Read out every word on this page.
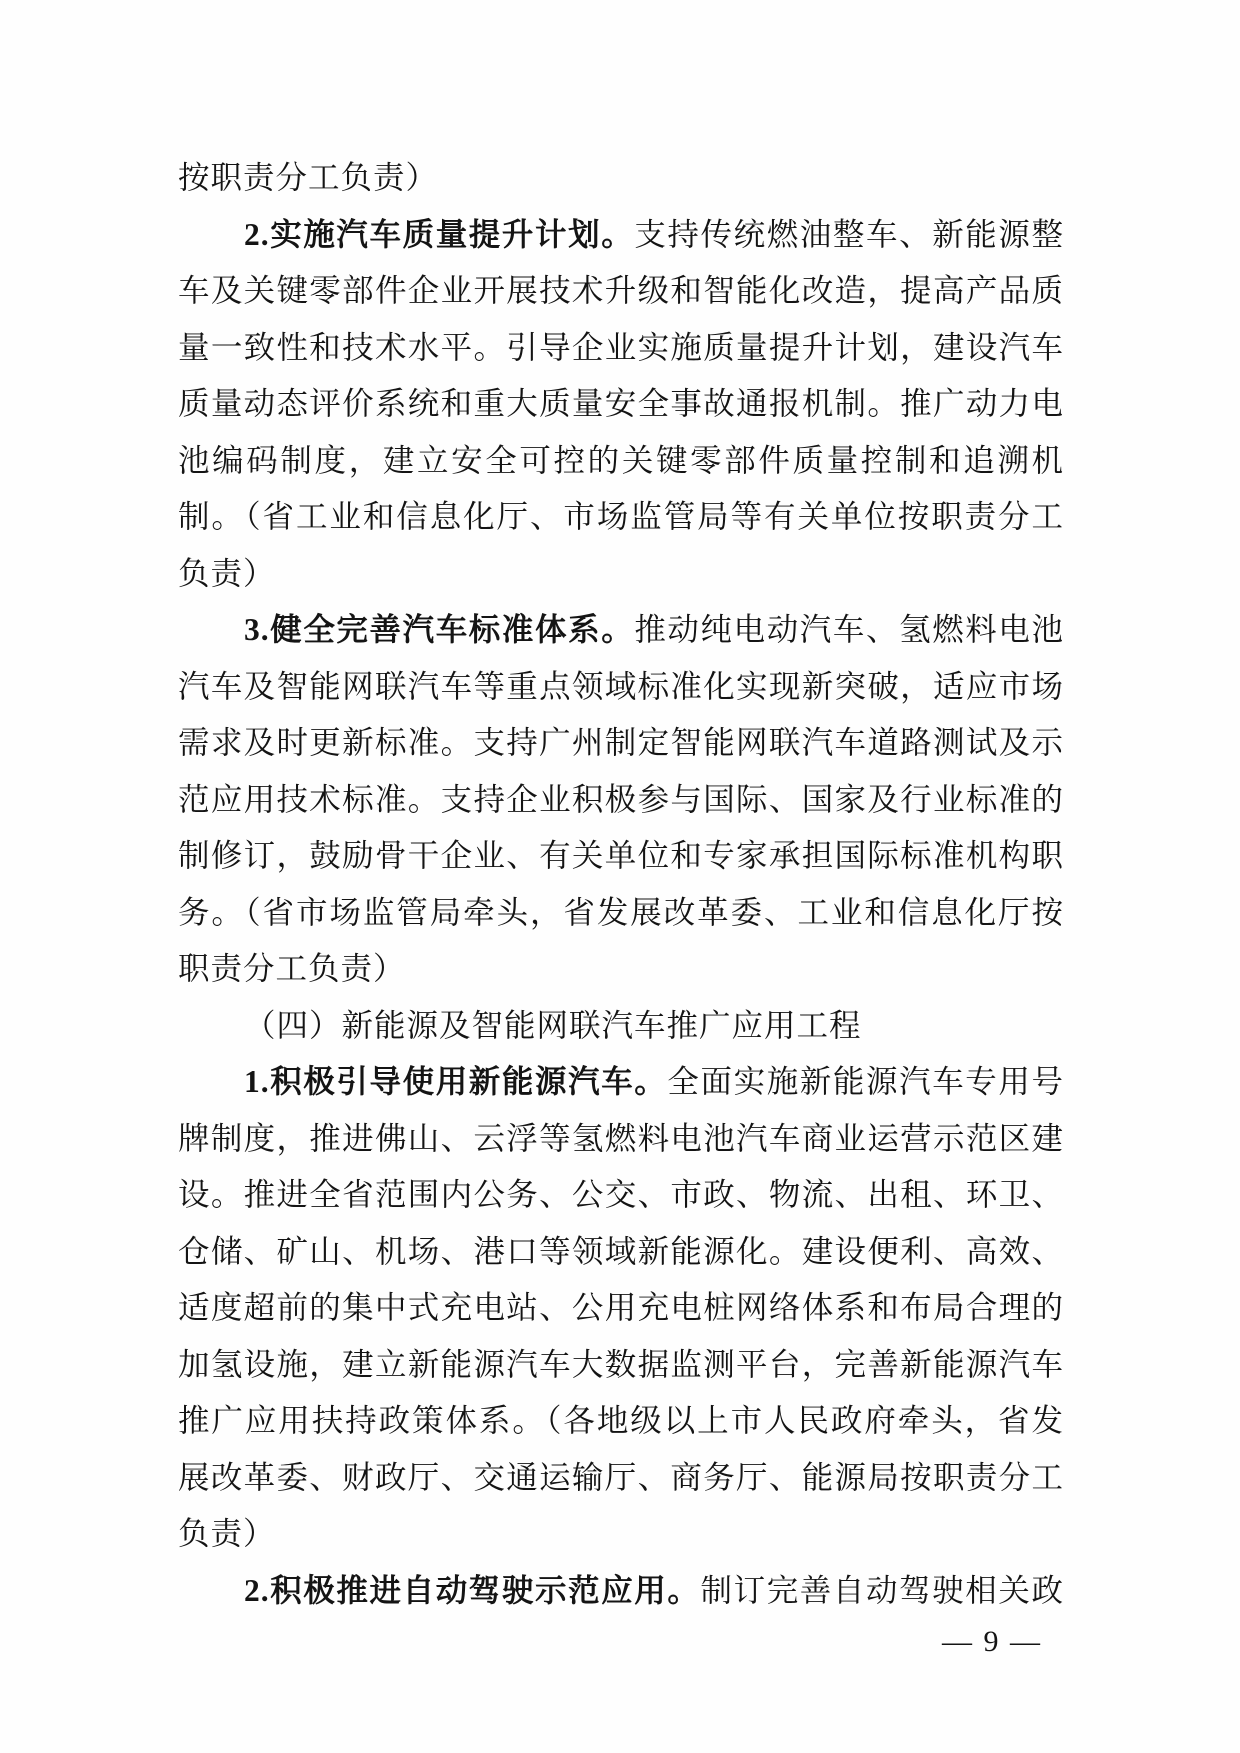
按职责分工负责）
2.实施汽车质量提升计划。支持传统燃油整车、新能源整
车及关键零部件企业开展技术升级和智能化改造，提高产品质
量一致性和技术水平。引导企业实施质量提升计划，建设汽车
质量动态评价系统和重大质量安全事故通报机制。推广动力电
池编码制度，建立安全可控的关键零部件质量控制和追溯机
制。（省工业和信息化厅、市场监管局等有关单位按职责分工
负责）
3.健全完善汽车标准体系。推动纯电动汽车、氢燃料电池
汽车及智能网联汽车等重点领域标准化实现新突破，适应市场
需求及时更新标准。支持广州制定智能网联汽车道路测试及示
范应用技术标准。支持企业积极参与国际、国家及行业标准的
制修订，鼓励骨干企业、有关单位和专家承担国际标准机构职
务。（省市场监管局牵头，省发展改革委、工业和信息化厅按
职责分工负责）
（四）新能源及智能网联汽车推广应用工程
1.积极引导使用新能源汽车。全面实施新能源汽车专用号
牌制度，推进佛山、云浮等氢燃料电池汽车商业运营示范区建
设。推进全省范围内公务、公交、市政、物流、出租、环卫、
仓储、矿山、机场、港口等领域新能源化。建设便利、高效、
适度超前的集中式充电站、公用充电桩网络体系和布局合理的
加氢设施，建立新能源汽车大数据监测平台，完善新能源汽车
推广应用扶持政策体系。（各地级以上市人民政府牵头，省发
展改革委、财政厅、交通运输厅、商务厅、能源局按职责分工
负责）
2.积极推进自动驾驶示范应用。制订完善自动驾驶相关政
— 9 —
